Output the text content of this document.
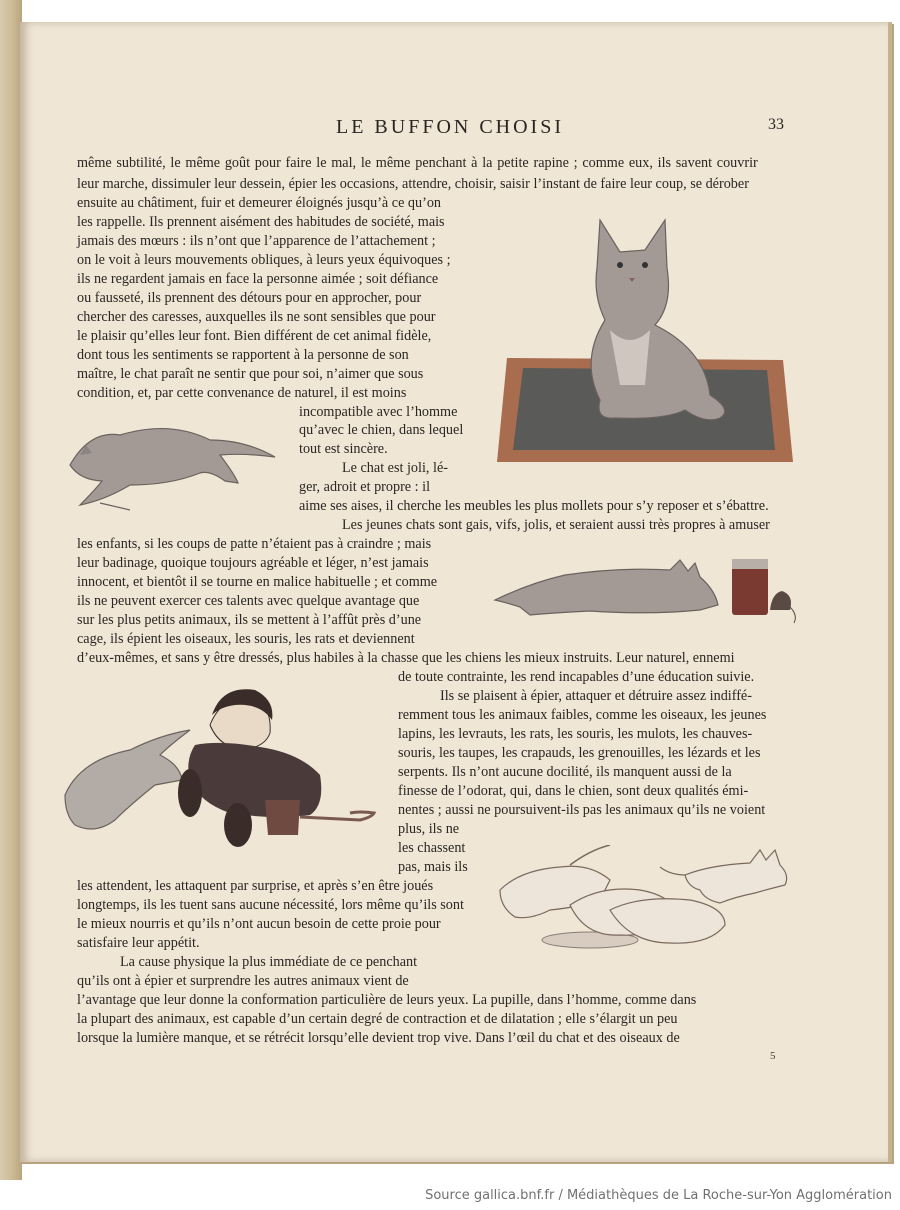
LE BUFFON CHOISI	33
même subtilité, le même goût pour faire le mal, le même penchant à la petite rapine ; comme eux, ils savent couvrir
leur marche, dissimuler leur dessein, épier les occasions, attendre, choisir, saisir l’instant de faire leur coup, se dérober
ensuite au châtiment, fuir et demeurer éloignés jusqu’à ce qu’on
les rappelle. Ils prennent aisément des habitudes de société, mais
jamais des mœurs : ils n’ont que l’apparence de l’attachement ;
on le voit à leurs mouvements obliques, à leurs yeux équivoques ;
ils ne regardent jamais en face la personne aimée ; soit défiance
ou fausseté, ils prennent des détours pour en approcher, pour
chercher des caresses, auxquelles ils ne sont sensibles que pour
le plaisir qu’elles leur font. Bien différent de cet animal fidèle,
dont tous les sentiments se rapportent à la personne de son
maître, le chat paraît ne sentir que pour soi, n’aimer que sous
condition, et, par cette convenance de naturel, il est moins
incompatible avec l’homme
qu’avec le chien, dans lequel
tout est sincère.
Le chat est joli, lé-
ger, adroit et propre : il
aime ses aises, il cherche les meubles les plus mollets pour s’y reposer et s’ébattre.
Les jeunes chats sont gais, vifs, jolis, et seraient aussi très propres à amuser
les enfants, si les coups de patte n’étaient pas à craindre ; mais
leur badinage, quoique toujours agréable et léger, n’est jamais
innocent, et bientôt il se tourne en malice habituelle ; et comme
ils ne peuvent exercer ces talents avec quelque avantage que
sur les plus petits animaux, ils se mettent à l’affût près d’une
cage, ils épient les oiseaux, les souris, les rats et deviennent
d’eux-mêmes, et sans y être dressés, plus habiles à la chasse que les chiens les mieux instruits. Leur naturel, ennemi
de toute contrainte, les rend incapables d’une éducation suivie.
Ils se plaisent à épier, attaquer et détruire assez indiffé-
remment tous les animaux faibles, comme les oiseaux, les jeunes
lapins, les levrauts, les rats, les souris, les mulots, les chauves-
souris, les taupes, les crapauds, les grenouilles, les lézards et les
serpents. Ils n’ont aucune docilité, ils manquent aussi de la
finesse de l’odorat, qui, dans le chien, sont deux qualités émi-
nentes ; aussi ne poursuivent-ils pas les animaux qu’ils ne voient
plus, ils ne
les chassent
pas, mais ils
les attendent, les attaquent par surprise, et après s’en être joués
longtemps, ils les tuent sans aucune nécessité, lors même qu’ils sont
le mieux nourris et qu’ils n’ont aucun besoin de cette proie pour
satisfaire leur appétit.
La cause physique la plus immédiate de ce penchant
qu’ils ont à épier et surprendre les autres animaux vient de
l’avantage que leur donne la conformation particulière de leurs yeux. La pupille, dans l’homme, comme dans
la plupart des animaux, est capable d’un certain degré de contraction et de dilatation ; elle s’élargit un peu
lorsque la lumière manque, et se rétrécit lorsqu’elle devient trop vive. Dans l’œil du chat et des oiseaux de
5
Source gallica.bnf.fr / Médiathèques de La Roche-sur-Yon Agglomération
